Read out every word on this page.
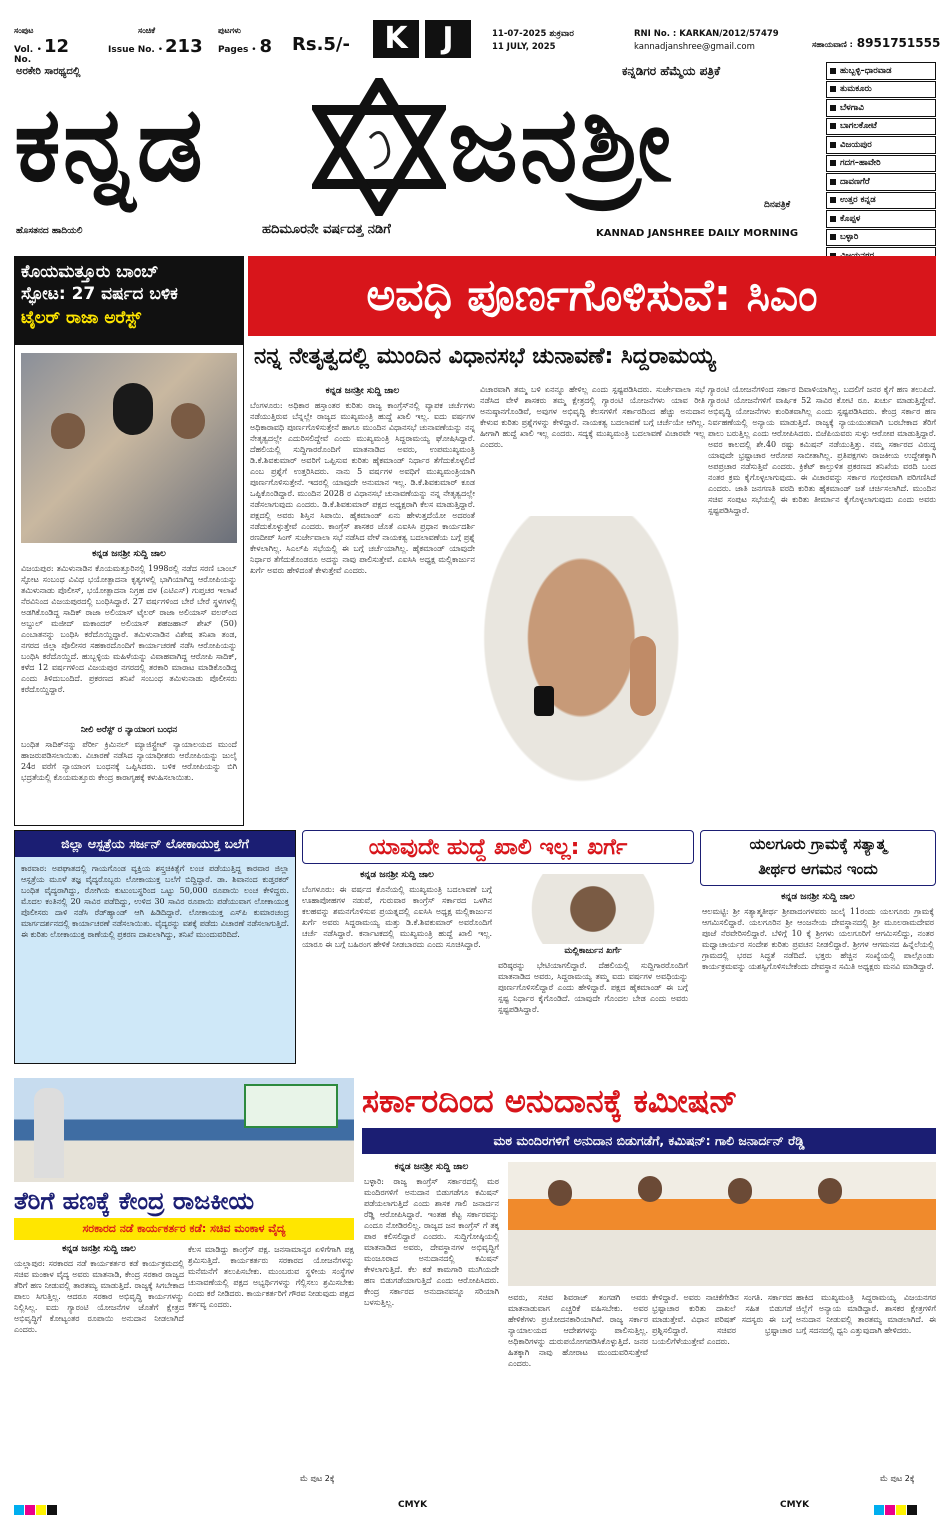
ಸಂಪುಟ
Vol. No.
• 12
ಸಂಚಿಕೆ
Issue No. • 213
ಪುಟಗಳು
Pages • 8 Rs.5/-	K	J	11-07-2025 ಶುಕ್ರವಾರ
11 JULY, 2025
RNI No. : KARKAN/2012/57479
kannadjanshree@gmail.com	ಸಹಾಯವಾಣಿ : 8951751555
ಅರಕೇರಿ ಸಾರಥ್ಯದಲ್ಲಿ	ಕನ್ನಡಿಗರ ಹೆಮ್ಮೆಯ ಪತ್ರಿಕೆ
ಕನ್ನಡ	ಜನಶ್ರೀ	ದಿನಪತ್ರಿಕೆ
ಹೊಸತನದ ಹಾದಿಯಲಿ	ಹದಿಮೂರನೇ ವರ್ಷದತ್ತ ನಡಿಗೆ	KANNAD JANSHREE DAILY MORNING
ಹುಬ್ಬಳ್ಳಿ–ಧಾರವಾಡ
ತುಮಕೂರು
ಬೆಳಗಾವಿ
ಬಾಗಲಕೋಟೆ
ವಿಜಯಪುರ
ಗದಗ–ಹಾವೇರಿ
ದಾವಣಗೆರೆ
ಉತ್ತರ ಕನ್ನಡ
ಕೊಪ್ಪಳ
ಬಳ್ಳಾರಿ
ಕೊಯಮತ್ತೂರು ಬಾಂಬ್
ಸ್ಫೋಟ: 27 ವರ್ಷದ ಬಳಿಕ
ಟೈಲರ್ ರಾಜಾ ಅರೆಸ್ಟ್
ಕನ್ನಡ ಜನಶ್ರೀ ಸುದ್ದಿ ಜಾಲ
ವಿಜಯಪುರ: ತಮಿಳುನಾಡಿನ ಕೊಯಮತ್ತೂರಿನಲ್ಲಿ 1998ರಲ್ಲಿ ನಡೆದ ಸರಣಿ ಬಾಂಬ್ ಸ್ಫೋಟ ಸಂಬಂಧ ವಿವಿಧ ಭಯೋತ್ಪಾದನಾ ಕೃತ್ಯಗಳಲ್ಲಿ ಭಾಗಿಯಾಗಿದ್ದ ಆರೋಪಿಯನ್ನು ತಮಿಳುನಾಡು ಪೊಲೀಸ್, ಭಯೋತ್ಪಾದನಾ ನಿಗ್ರಹ ದಳ (ಎಟಿಎಸ್) ಗುಪ್ತಚರ ಇಲಾಖೆ ನೆರವಿನಿಂದ ವಿಜಯಪುರದಲ್ಲಿ ಬಂಧಿಸಿದ್ದಾರೆ. 27 ವರ್ಷಗಳಿಂದ ಬೇರೆ ಬೇರೆ ಸ್ಥಳಗಳಲ್ಲಿ ಅಡಗಿಕೊಂಡಿದ್ದ ಸಾದಿಕ್ ರಾಜಾ ಅಲಿಯಾಸ್ ಟೈಲರ್ ರಾಜಾ ಅಲಿಯಾಸ್ ವಲರ್ಂದ ಅಬ್ದುಲ್ ಮಜೀದ್ ಮಕಾಂದರ್ ಅಲಿಯಾಸ್ ಶಹಜಹಾನ್ ಶೇಖ್ (50) ಎಂಬಾತನನ್ನು ಬಂಧಿಸಿ ಕರೆದೊಯ್ದಿದ್ದಾರೆ. ತಮಿಳುನಾಡಿನ ವಿಶೇಷ ತನಿಖಾ ತಂಡ, ನಗರದ ಜಿಲ್ಲಾ ಪೊಲೀಸರ ಸಹಕಾರದೊಂದಿಗೆ ಕಾರ್ಯಾಚರಣೆ ನಡೆಸಿ ಆರೋಪಿಯನ್ನು ಬಂಧಿಸಿ ಕರೆದೊಯ್ದಿದೆ. ಹುಬ್ಬಳ್ಳಿಯ ಮಹಿಳೆಯನ್ನು ವಿವಾಹವಾಗಿದ್ದ ಆರೋಪಿ ಸಾದಿಕ್, ಕಳೆದ 12 ವರ್ಷಗಳಿಂದ ವಿಜಯಪುರ ನಗರದಲ್ಲಿ ತರಕಾರಿ ಮಾರಾಟ ಮಾಡಿಕೊಂಡಿದ್ದ ಎಂದು ತಿಳಿದುಬಂದಿದೆ. ಪ್ರಕರಣದ ತನಿಖೆ ಸಂಬಂಧ ತಮಿಳುನಾಡು ಪೊಲೀಸರು ಕರೆದೊಯ್ದಿದ್ದಾರೆ.
ನೀಲಿ ಅರೆಸ್ಟ್ ರ ನ್ಯಾಯಾಂಗ ಬಂಧನ
ಬಂಧಿತ ಸಾದಿಕ್‌ನನ್ನು ಪೆರ್ರೀ ಕ್ರಿಮಿನಲ್ ಮ್ಯಾಜಿಸ್ಟ್ರೇಟ್ ನ್ಯಾಯಾಲಯದ ಮುಂದೆ ಹಾಜರುಪಡಿಸಲಾಯಿತು. ವಿಚಾರಣೆ ನಡೆಸಿದ ನ್ಯಾಯಾಧೀಶರು ಆರೋಪಿಯನ್ನು ಜುಲೈ 24ರ ವರೆಗೆ ನ್ಯಾಯಾಂಗ ಬಂಧನಕ್ಕೆ ಒಪ್ಪಿಸಿದರು. ಬಳಿಕ ಆರೋಪಿಯನ್ನು ಬಿಗಿ ಭದ್ರತೆಯಲ್ಲಿ ಕೊಯಮತ್ತೂರು ಕೇಂದ್ರ ಕಾರಾಗೃಹಕ್ಕೆ ಕಳುಹಿಸಲಾಯಿತು.
ಅವಧಿ ಪೂರ್ಣಗೊಳಿಸುವೆ: ಸಿಎಂ
ನನ್ನ ನೇತೃತ್ವದಲ್ಲಿ ಮುಂದಿನ ವಿಧಾನಸಭೆ ಚುನಾವಣೆ: ಸಿದ್ದರಾಮಯ್ಯ
ಕನ್ನಡ ಜನಶ್ರೀ ಸುದ್ದಿ ಜಾಲ
ಬೆಂಗಳೂರು: ಅಧಿಕಾರ ಹಸ್ತಾಂತರ ಕುರಿತು ರಾಜ್ಯ ಕಾಂಗ್ರೆಸ್‌ನಲ್ಲಿ ವ್ಯಾಪಕ ಚರ್ಚೆಗಳು ನಡೆಯುತ್ತಿರುವ ಬೆನ್ನಲ್ಲೇ ರಾಜ್ಯದ ಮುಖ್ಯಮಂತ್ರಿ ಹುದ್ದೆ ಖಾಲಿ ಇಲ್ಲ. ಐದು ವರ್ಷಗಳ ಅಧಿಕಾರಾವಧಿ ಪೂರ್ಣಗೊಳಿಸುತ್ತೇನೆ ಹಾಗೂ ಮುಂದಿನ ವಿಧಾನಸಭೆ ಚುನಾವಣೆಯನ್ನು ನನ್ನ ನೇತೃತ್ವದಲ್ಲೇ ಎದುರಿಸಲಿದ್ದೇವೆ ಎಂದು ಮುಖ್ಯಮಂತ್ರಿ ಸಿದ್ದರಾಮಯ್ಯ ಘೋಷಿಸಿದ್ದಾರೆ. ದೆಹಲಿಯಲ್ಲಿ ಸುದ್ದಿಗಾರರೊಂದಿಗೆ ಮಾತನಾಡಿದ ಅವರು, ಉಪಮುಖ್ಯಮಂತ್ರಿ ಡಿ.ಕೆ.ಶಿವಕುಮಾರ್ ಅವರಿಗೆ ಒಪ್ಪಿಸುವ ಕುರಿತು ಹೈಕಮಾಂಡ್ ನಿರ್ಧಾರ ತೆಗೆದುಕೊಳ್ಳಲಿದೆ ಎಂಬ ಪ್ರಶ್ನೆಗೆ ಉತ್ತರಿಸಿದರು. ನಾನು 5 ವರ್ಷಗಳ ಅವಧಿಗೆ ಮುಖ್ಯಮಂತ್ರಿಯಾಗಿ ಪೂರ್ಣಗೊಳಿಸುತ್ತೇನೆ. ಇದರಲ್ಲಿ ಯಾವುದೇ ಅನುಮಾನ ಇಲ್ಲ. ಡಿ.ಕೆ.ಶಿವಕುಮಾರ್ ಕೂಡ ಒಪ್ಪಿಕೊಂಡಿದ್ದಾರೆ. ಮುಂದಿನ 2028 ರ ವಿಧಾನಸಭೆ ಚುನಾವಣೆಯನ್ನು ನನ್ನ ನೇತೃತ್ವದಲ್ಲೇ ನಡೆಸಲಾಗುವುದು ಎಂದರು. ಡಿ.ಕೆ.ಶಿವಕುಮಾರ್ ಪಕ್ಷದ ಅಧ್ಯಕ್ಷರಾಗಿ ಕೆಲಸ ಮಾಡುತ್ತಿದ್ದಾರೆ. ಪಕ್ಷದಲ್ಲಿ ಅವರು ಶಿಸ್ತಿನ ಸಿಪಾಯಿ. ಹೈಕಮಾಂಡ್ ಏನು ಹೇಳುತ್ತದೆಯೋ ಅದರಂತೆ ನಡೆದುಕೊಳ್ಳುತ್ತೇವೆ ಎಂದರು. ಕಾಂಗ್ರೆಸ್ ಶಾಸಕರ ಜೊತೆ ಎಐಸಿಸಿ ಪ್ರಧಾನ ಕಾರ್ಯದರ್ಶಿ ರಣದೀಪ್ ಸಿಂಗ್ ಸುರ್ಜೇವಾಲಾ ಸಭೆ ನಡೆಸಿದ ವೇಳೆ ನಾಯಕತ್ವ ಬದಲಾವಣೆಯ ಬಗ್ಗೆ ಪ್ರಶ್ನೆ ಕೇಳಲಾಗಿಲ್ಲ. ಸಿಎಲ್‌ಪಿ ಸಭೆಯಲ್ಲಿ ಈ ಬಗ್ಗೆ ಚರ್ಚೆಯಾಗಿಲ್ಲ. ಹೈಕಮಾಂಡ್ ಯಾವುದೇ ನಿರ್ಧಾರ ತೆಗೆದುಕೊಂಡರೂ ಅದನ್ನು ನಾವು ಪಾಲಿಸುತ್ತೇವೆ. ಎಐಸಿಸಿ ಅಧ್ಯಕ್ಷ ಮಲ್ಲಿಕಾರ್ಜುನ ಖರ್ಗೆ ಅವರು ಹೇಳಿದಂತೆ ಕೇಳುತ್ತೇವೆ ಎಂದರು.
ವಿಚಾರವಾಗಿ ತಮ್ಮ ಬಳಿ ಏನನ್ನೂ ಹೇಳಿಲ್ಲ ಎಂದು ಸ್ಪಷ್ಟಪಡಿಸಿದರು. ಸುರ್ಜೇವಾಲಾ ಸಭೆ ನಡೆಸಿದ ವೇಳೆ ಶಾಸಕರು ತಮ್ಮ ಕ್ಷೇತ್ರದಲ್ಲಿ ಗ್ಯಾರಂಟಿ ಯೋಜನೆಗಳು ಯಾವ ರೀತಿ ಅನುಷ್ಠಾನಗೊಂಡಿವೆ, ಅವುಗಳ ಅಭಿವೃದ್ಧಿ ಕೆಲಸಗಳಿಗೆ ಸರ್ಕಾರದಿಂದ ಹೆಚ್ಚು ಅನುದಾನ ಕೇಳುವ ಕುರಿತು ಪ್ರಶ್ನೆಗಳನ್ನು ಕೇಳಿದ್ದಾರೆ. ನಾಯಕತ್ವ ಬದಲಾವಣೆ ಬಗ್ಗೆ ಚರ್ಚೆಯೇ ಆಗಿಲ್ಲ. ಹೀಗಾಗಿ ಹುದ್ದೆ ಖಾಲಿ ಇಲ್ಲ ಎಂದರು. ಸದ್ಯಕ್ಕೆ ಮುಖ್ಯಮಂತ್ರಿ ಬದಲಾವಣೆ ವಿಚಾರವೇ ಇಲ್ಲ ಎಂದರು.
ಗ್ಯಾರಂಟಿ ಯೋಜನೆಗಳಿಂದ ಸರ್ಕಾರ ದಿವಾಳಿಯಾಗಿಲ್ಲ. ಬದಲಿಗೆ ಜನರ ಕೈಗೆ ಹಣ ತಲುಪಿದೆ. ಗ್ಯಾರಂಟಿ ಯೋಜನೆಗಳಿಗೆ ವಾರ್ಷಿಕ 52 ಸಾವಿರ ಕೋಟಿ ರೂ. ಖರ್ಚು ಮಾಡುತ್ತಿದ್ದೇವೆ. ಅಭಿವೃದ್ಧಿ ಯೋಜನೆಗಳು ಕುಂಠಿತವಾಗಿಲ್ಲ ಎಂದು ಸ್ಪಷ್ಟಪಡಿಸಿದರು. ಕೇಂದ್ರ ಸರ್ಕಾರ ಹಣ ನಿರ್ವಹಣೆಯಲ್ಲಿ ಅನ್ಯಾಯ ಮಾಡುತ್ತಿದೆ. ರಾಜ್ಯಕ್ಕೆ ನ್ಯಾಯಯುತವಾಗಿ ಬರಬೇಕಾದ ತೆರಿಗೆ ಪಾಲು ಬರುತ್ತಿಲ್ಲ ಎಂದು ಆರೋಪಿಸಿದರು. ಬಿಜೆಪಿಯವರು ಸುಳ್ಳು ಆರೋಪ ಮಾಡುತ್ತಿದ್ದಾರೆ. ಅವರ ಕಾಲದಲ್ಲಿ ಶೇ.40 ರಷ್ಟು ಕಮಿಷನ್ ನಡೆಯುತ್ತಿತ್ತು. ನಮ್ಮ ಸರ್ಕಾರದ ವಿರುದ್ಧ ಯಾವುದೇ ಭ್ರಷ್ಟಾಚಾರ ಆರೋಪ ಸಾಬೀತಾಗಿಲ್ಲ. ಪ್ರತಿಪಕ್ಷಗಳು ರಾಜಕೀಯ ಉದ್ದೇಶಕ್ಕಾಗಿ ಅಪಪ್ರಚಾರ ನಡೆಸುತ್ತಿವೆ ಎಂದರು. ಕ್ರಿಕೆಟ್ ಕಾಲ್ತುಳಿತ ಪ್ರಕರಣದ ತನಿಖೆಯ ವರದಿ ಬಂದ ನಂತರ ಕ್ರಮ ಕೈಗೊಳ್ಳಲಾಗುವುದು. ಈ ವಿಚಾರವನ್ನು ಸರ್ಕಾರ ಗಂಭೀರವಾಗಿ ಪರಿಗಣಿಸಿದೆ ಎಂದರು. ಜಾತಿ ಜನಗಣತಿ ವರದಿ ಕುರಿತು ಹೈಕಮಾಂಡ್ ಜತೆ ಚರ್ಚಿಸಲಾಗಿದೆ. ಮುಂದಿನ ಸಚಿವ ಸಂಪುಟ ಸಭೆಯಲ್ಲಿ ಈ ಕುರಿತು ತೀರ್ಮಾನ ಕೈಗೊಳ್ಳಲಾಗುವುದು ಎಂದು ಅವರು ಸ್ಪಷ್ಟಪಡಿಸಿದ್ದಾರೆ.
ಜಿಲ್ಲಾ ಆಸ್ಪತ್ರೆಯ ಸರ್ಜನ್ ಲೋಕಾಯುಕ್ತ ಬಲೆಗೆ
ಕಾರವಾರ: ಅಪಘಾತದಲ್ಲಿ ಗಾಯಗೊಂಡ ವ್ಯಕ್ತಿಯ ಶಸ್ತ್ರಚಿಕಿತ್ಸೆಗೆ ಲಂಚ ಪಡೆಯುತ್ತಿದ್ದ ಕಾರವಾರ ಜಿಲ್ಲಾ ಆಸ್ಪತ್ರೆಯ ಮೂಳೆ ತಜ್ಞ ವೈದ್ಯರೊಬ್ಬರು ಲೋಕಾಯುಕ್ತ ಬಲೆಗೆ ಬಿದ್ದಿದ್ದಾರೆ. ಡಾ. ಶಿವಾನಂದ ಕುಡ್ತರಕರ್ ಬಂಧಿತ ವೈದ್ಯರಾಗಿದ್ದು, ರೋಗಿಯ ಕುಟುಂಬಸ್ಥರಿಂದ ಒಟ್ಟು 50,000 ರೂಪಾಯಿ ಲಂಚ ಕೇಳಿದ್ದರು. ಮೊದಲ ಕಂತಿನಲ್ಲಿ 20 ಸಾವಿರ ಪಡೆದಿದ್ದು, ಉಳಿದ 30 ಸಾವಿರ ರೂಪಾಯಿ ಪಡೆಯುವಾಗ ಲೋಕಾಯುಕ್ತ ಪೊಲೀಸರು ದಾಳಿ ನಡೆಸಿ ರೆಡ್‌ಹ್ಯಾಂಡ್ ಆಗಿ ಹಿಡಿದಿದ್ದಾರೆ. ಲೋಕಾಯುಕ್ತ ಎಸ್‌ಪಿ ಕುಮಾರಚಂದ್ರ ಮಾರ್ಗದರ್ಶನದಲ್ಲಿ ಕಾರ್ಯಾಚರಣೆ ನಡೆಸಲಾಯಿತು. ವೈದ್ಯರನ್ನು ವಶಕ್ಕೆ ಪಡೆದು ವಿಚಾರಣೆ ನಡೆಸಲಾಗುತ್ತಿದೆ. ಈ ಕುರಿತು ಲೋಕಾಯುಕ್ತ ಠಾಣೆಯಲ್ಲಿ ಪ್ರಕರಣ ದಾಖಲಾಗಿದ್ದು, ತನಿಖೆ ಮುಂದುವರಿದಿದೆ.
ಯಾವುದೇ ಹುದ್ದೆ ಖಾಲಿ ಇಲ್ಲ: ಖರ್ಗೆ
ಕನ್ನಡ ಜನಶ್ರೀ ಸುದ್ದಿ ಜಾಲ
ಬೆಂಗಳೂರು: ಈ ವರ್ಷದ ಕೊನೆಯಲ್ಲಿ ಮುಖ್ಯಮಂತ್ರಿ ಬದಲಾವಣೆ ಬಗ್ಗೆ ಊಹಾಪೋಹಗಳ ನಡುವೆ, ಗುರುವಾರ ಕಾಂಗ್ರೆಸ್ ಸರ್ಕಾರದ ಒಳಗಿನ ಕಲಹವನ್ನು ಶಮನಗೊಳಿಸುವ ಪ್ರಯತ್ನದಲ್ಲಿ ಎಐಸಿಸಿ ಅಧ್ಯಕ್ಷ ಮಲ್ಲಿಕಾರ್ಜುನ ಖರ್ಗೆ ಅವರು ಸಿದ್ದರಾಮಯ್ಯ ಮತ್ತು ಡಿ.ಕೆ.ಶಿವಕುಮಾರ್ ಅವರೊಂದಿಗೆ ಚರ್ಚೆ ನಡೆಸಿದ್ದಾರೆ. ಕರ್ನಾಟಕದಲ್ಲಿ ಮುಖ್ಯಮಂತ್ರಿ ಹುದ್ದೆ ಖಾಲಿ ಇಲ್ಲ. ಯಾರೂ ಈ ಬಗ್ಗೆ ಬಹಿರಂಗ ಹೇಳಿಕೆ ನೀಡಬಾರದು ಎಂದು ಸೂಚಿಸಿದ್ದಾರೆ.
ಮಲ್ಲಿಕಾರ್ಜುನ ಖರ್ಗೆ
ವರಿಷ್ಠರನ್ನು ಭೇಟಿಯಾಗಲಿದ್ದಾರೆ. ದೆಹಲಿಯಲ್ಲಿ ಸುದ್ದಿಗಾರರೊಂದಿಗೆ ಮಾತನಾಡಿದ ಅವರು, ಸಿದ್ದರಾಮಯ್ಯ ತಮ್ಮ ಐದು ವರ್ಷಗಳ ಅವಧಿಯನ್ನು ಪೂರ್ಣಗೊಳಿಸಲಿದ್ದಾರೆ ಎಂದು ಹೇಳಿದ್ದಾರೆ. ಪಕ್ಷದ ಹೈಕಮಾಂಡ್ ಈ ಬಗ್ಗೆ ಸ್ಪಷ್ಟ ನಿರ್ಧಾರ ಕೈಗೊಂಡಿದೆ. ಯಾವುದೇ ಗೊಂದಲ ಬೇಡ ಎಂದು ಅವರು ಸ್ಪಷ್ಟಪಡಿಸಿದ್ದಾರೆ.
ಯಲಗೂರು ಗ್ರಾಮಕ್ಕೆ ಸತ್ಯಾತ್ಮ
ತೀರ್ಥರ ಆಗಮನ ಇಂದು
ಕನ್ನಡ ಜನಶ್ರೀ ಸುದ್ದಿ ಜಾಲ
ಆಲಮಟ್ಟಿ: ಶ್ರೀ ಸತ್ಯಾತ್ಮತೀರ್ಥ ಶ್ರೀಪಾದಂಗಳವರು ಜುಲೈ 11ರಂದು ಯಲಗೂರು ಗ್ರಾಮಕ್ಕೆ ಆಗಮಿಸಲಿದ್ದಾರೆ. ಯಲಗೂರಿನ ಶ್ರೀ ಆಂಜನೇಯ ದೇವಸ್ಥಾನದಲ್ಲಿ ಶ್ರೀ ಮೂಲರಾಮದೇವರ ಪೂಜೆ ನೆರವೇರಿಸಲಿದ್ದಾರೆ. ಬೆಳಿಗ್ಗೆ 10 ಕ್ಕೆ ಶ್ರೀಗಳು ಯಲಗೂರಿಗೆ ಆಗಮಿಸಲಿದ್ದು, ನಂತರ ಮಧ್ವಾಚಾರ್ಯರ ಸಂದೇಶ ಕುರಿತು ಪ್ರವಚನ ನೀಡಲಿದ್ದಾರೆ. ಶ್ರೀಗಳ ಆಗಮನದ ಹಿನ್ನೆಲೆಯಲ್ಲಿ ಗ್ರಾಮದಲ್ಲಿ ಭರದ ಸಿದ್ಧತೆ ನಡೆದಿದೆ. ಭಕ್ತರು ಹೆಚ್ಚಿನ ಸಂಖ್ಯೆಯಲ್ಲಿ ಪಾಲ್ಗೊಂಡು ಕಾರ್ಯಕ್ರಮವನ್ನು ಯಶಸ್ವಿಗೊಳಿಸಬೇಕೆಂದು ದೇವಸ್ಥಾನ ಸಮಿತಿ ಅಧ್ಯಕ್ಷರು ಮನವಿ ಮಾಡಿದ್ದಾರೆ.
ತೆರಿಗೆ ಹಣಕ್ಕೆ ಕೇಂದ್ರ ರಾಜಕೀಯ
ಸರಕಾರದ ನಡೆ ಕಾರ್ಯಕರ್ತರ ಕಡೆ: ಸಚಿವ ಮಂಕಾಳ ವೈದ್ಯ
ಕನ್ನಡ ಜನಶ್ರೀ ಸುದ್ದಿ ಜಾಲ
ಯಲ್ಲಾಪುರ: ಸರಕಾರದ ನಡೆ ಕಾರ್ಯಕರ್ತರ ಕಡೆ ಕಾರ್ಯಕ್ರಮದಲ್ಲಿ ಸಚಿವ ಮಂಕಾಳ ವೈದ್ಯ ಅವರು ಮಾತನಾಡಿ, ಕೇಂದ್ರ ಸರಕಾರ ರಾಜ್ಯದ ತೆರಿಗೆ ಹಣ ನೀಡುವಲ್ಲಿ ತಾರತಮ್ಯ ಮಾಡುತ್ತಿದೆ. ರಾಜ್ಯಕ್ಕೆ ಸಿಗಬೇಕಾದ ಪಾಲು ಸಿಗುತ್ತಿಲ್ಲ. ಆದರೂ ಸರಕಾರ ಅಭಿವೃದ್ಧಿ ಕಾರ್ಯಗಳನ್ನು ನಿಲ್ಲಿಸಿಲ್ಲ. ಐದು ಗ್ಯಾರಂಟಿ ಯೋಜನೆಗಳ ಜೊತೆಗೆ ಕ್ಷೇತ್ರದ ಅಭಿವೃದ್ಧಿಗೆ ಕೋಟ್ಯಂತರ ರೂಪಾಯಿ ಅನುದಾನ ನೀಡಲಾಗಿದೆ ಎಂದರು.
ಕೆಲಸ ಮಾಡಿದ್ದು ಕಾಂಗ್ರೆಸ್ ಪಕ್ಷ. ಜನಸಾಮಾನ್ಯರ ಏಳಿಗೆಗಾಗಿ ಪಕ್ಷ ಶ್ರಮಿಸುತ್ತಿದೆ. ಕಾರ್ಯಕರ್ತರು ಸರಕಾರದ ಯೋಜನೆಗಳನ್ನು ಮನೆಮನೆಗೆ ತಲುಪಿಸಬೇಕು. ಮುಂಬರುವ ಸ್ಥಳೀಯ ಸಂಸ್ಥೆಗಳ ಚುನಾವಣೆಯಲ್ಲಿ ಪಕ್ಷದ ಅಭ್ಯರ್ಥಿಗಳನ್ನು ಗೆಲ್ಲಿಸಲು ಶ್ರಮಿಸಬೇಕು ಎಂದು ಕರೆ ನೀಡಿದರು. ಕಾರ್ಯಕರ್ತರಿಗೆ ಗೌರವ ನೀಡುವುದು ಪಕ್ಷದ ಕರ್ತವ್ಯ ಎಂದರು.
ಮೆ ಪುಟ 2ಕ್ಕೆ
ಸರ್ಕಾರದಿಂದ ಅನುದಾನಕ್ಕೆ ಕಮೀಷನ್
ಮಠ ಮಂದಿರಗಳಿಗೆ ಅನುದಾನ ಬಿಡುಗಡೆಗೆ, ಕಮಿಷನ್: ಗಾಲಿ ಜನಾರ್ದನ್ ರೆಡ್ಡಿ
ಕನ್ನಡ ಜನಶ್ರೀ ಸುದ್ದಿ ಜಾಲ
ಬಳ್ಳಾರಿ: ರಾಜ್ಯ ಕಾಂಗ್ರೆಸ್ ಸರ್ಕಾರದಲ್ಲಿ ಮಠ ಮಂದಿರಗಳಿಗೆ ಅನುದಾನ ಬಿಡುಗಡೆಗೂ ಕಮಿಷನ್ ಪಡೆಯಲಾಗುತ್ತಿದೆ ಎಂದು ಶಾಸಕ ಗಾಲಿ ಜನಾರ್ದನ ರೆಡ್ಡಿ ಆರೋಪಿಸಿದ್ದಾರೆ. ಇಂತಹ ಕೆಟ್ಟ ಸರ್ಕಾರವನ್ನು ಎಂದೂ ನೋಡಿರಲಿಲ್ಲ. ರಾಜ್ಯದ ಜನ ಕಾಂಗ್ರೆಸ್ ಗೆ ತಕ್ಕ ಪಾಠ ಕಲಿಸಲಿದ್ದಾರೆ ಎಂದರು. ಸುದ್ದಿಗೋಷ್ಠಿಯಲ್ಲಿ ಮಾತನಾಡಿದ ಅವರು, ದೇವಸ್ಥಾನಗಳ ಅಭಿವೃದ್ಧಿಗೆ ಮಂಜೂರಾದ ಅನುದಾನದಲ್ಲಿ ಕಮಿಷನ್ ಕೇಳಲಾಗುತ್ತಿದೆ. ಕೆಲ ಕಡೆ ಕಾಮಗಾರಿ ಮುಗಿಯದೇ ಹಣ ಬಿಡುಗಡೆಯಾಗುತ್ತಿದೆ ಎಂದು ಆರೋಪಿಸಿದರು. ಕೇಂದ್ರ ಸರ್ಕಾರದ ಅನುದಾನವನ್ನೂ ಸರಿಯಾಗಿ ಬಳಸುತ್ತಿಲ್ಲ.
ಅವರು, ಸಚಿವ ಶಿವರಾಜ್ ತಂಗಡಗಿ ಅವರು ಮಾತನಾಡುವಾಗ ಎಚ್ಚರಿಕೆ ವಹಿಸಬೇಕು. ಅವರ ಹೇಳಿಕೆಗಳು ಪ್ರಚೋದನಕಾರಿಯಾಗಿವೆ. ರಾಜ್ಯ ಸರ್ಕಾರ ನ್ಯಾಯಾಲಯದ ಆದೇಶಗಳನ್ನು ಪಾಲಿಸುತ್ತಿಲ್ಲ. ಅಧಿಕಾರಿಗಳನ್ನು ದುರುಪಯೋಗಪಡಿಸಿಕೊಳ್ಳುತ್ತಿದೆ. ಜನರ ಹಿತಕ್ಕಾಗಿ ನಾವು ಹೋರಾಟ ಮುಂದುವರಿಸುತ್ತೇವೆ ಎಂದರು.
ಕೇಳಿದ್ದಾರೆ. ಅವರು ನಾಚಿಕೆಗೇಡಿನ ಸಂಗತಿ. ಸರ್ಕಾರದ ಭ್ರಷ್ಟಾಚಾರ ಕುರಿತು ದಾಖಲೆ ಸಹಿತ ಬಿಡುಗಡೆ ಮಾಡುತ್ತೇವೆ. ವಿಧಾನ ಪರಿಷತ್ ಸದಸ್ಯರು ಈ ಬಗ್ಗೆ ಪ್ರಶ್ನಿಸಲಿದ್ದಾರೆ. ಸಚಿವರ ಭ್ರಷ್ಟಾಚಾರ ಬಯಲಿಗೆಳೆಯುತ್ತೇವೆ ಎಂದರು.
ಹಾಕಿದ ಮುಖ್ಯಮಂತ್ರಿ ಸಿದ್ದರಾಮಯ್ಯ ವಿಜಯನಗರ ಜಿಲ್ಲೆಗೆ ಅನ್ಯಾಯ ಮಾಡಿದ್ದಾರೆ. ಶಾಸಕರ ಕ್ಷೇತ್ರಗಳಿಗೆ ಅನುದಾನ ನೀಡುವಲ್ಲಿ ತಾರತಮ್ಯ ಮಾಡಲಾಗಿದೆ. ಈ ಬಗ್ಗೆ ಸದನದಲ್ಲಿ ಧ್ವನಿ ಎತ್ತುವುದಾಗಿ ಹೇಳಿದರು.
ಮೆ ಪುಟ 2ಕ್ಕೆ
CMYK	CMYK
